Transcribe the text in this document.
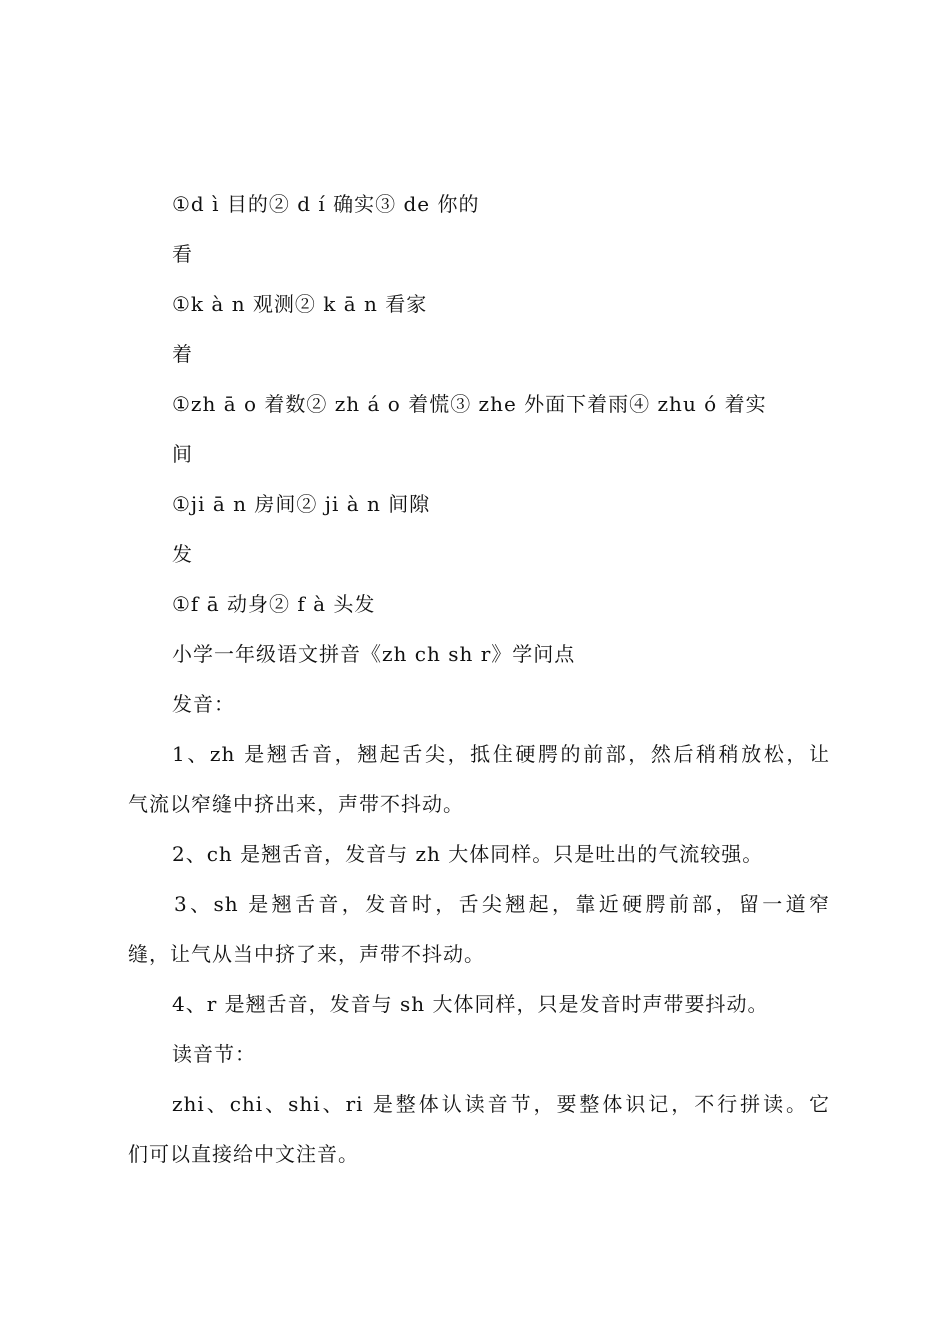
①d ì 目的② d í 确实③ de 你的
看
①k à n 观测② k ā n 看家
着
①zh ā o 着数② zh á o 着慌③ zhe 外面下着雨④ zhu ó 着实
间
①ji ā n 房间② ji à n 间隙
发
①f ā 动身② f à 头发
小学一年级语文拼音《zh ch sh r》学问点
发音：
1、zh 是翘舌音，翘起舌尖，抵住硬腭的前部，然后稍稍放松，让
气流以窄缝中挤出来，声带不抖动。
2、ch 是翘舌音，发音与 zh 大体同样。只是吐出的气流较强。
3、sh 是翘舌音，发音时，舌尖翘起，靠近硬腭前部，留一道窄
缝，让气从当中挤了来，声带不抖动。
4、r 是翘舌音，发音与 sh 大体同样，只是发音时声带要抖动。
读音节：
zhi、chi、shi、ri 是整体认读音节，要整体识记，不行拼读。它
们可以直接给中文注音。
